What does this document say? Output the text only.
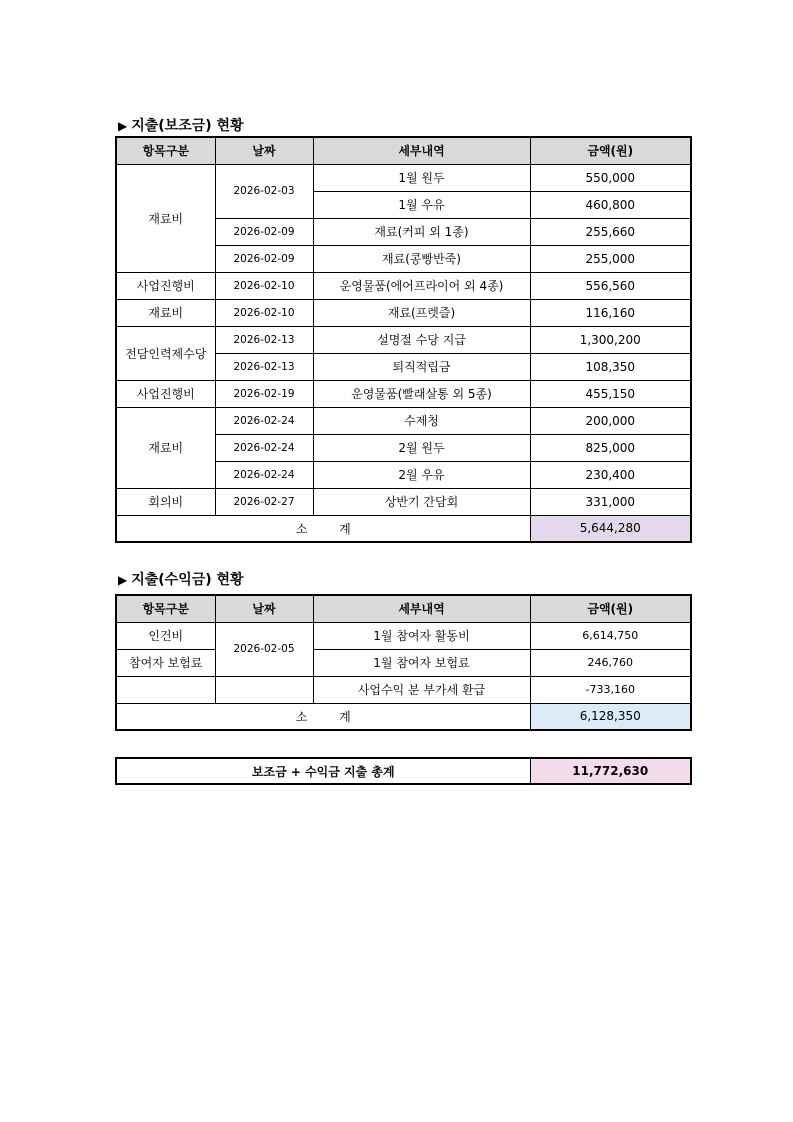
▶ 지출(보조금) 현황
항목구분	날짜	세부내역	금액(원)
재료비	2026-02-03	1월 원두	550,000
		1월 우유	460,800
	2026-02-09	재료(커피 외 1종)	255,660
	2026-02-09	재료(콩빵반죽)	255,000
사업진행비	2026-02-10	운영물품(에어프라이어 외 4종)	556,560
재료비	2026-02-10	재료(프렛즐)	116,160
전담인력제수당	2026-02-13	설명절 수당 지급	1,300,200
	2026-02-13	퇴직적립금	108,350
사업진행비	2026-02-19	운영물품(빨래살통 외 5종)	455,150
재료비	2026-02-24	수제청	200,000
	2026-02-24	2월 원두	825,000
	2026-02-24	2월 우유	230,400
회의비	2026-02-27	상반기 간담회	331,000
소 계			5,644,280
▶ 지출(수익금) 현황
항목구분	날짜	세부내역	금액(원)
인건비	2026-02-05	1월 참여자 활동비	6,614,750
참여자 보험료		1월 참여자 보험료	246,760
		사업수익 분 부가세 환급	-733,160
소 계			6,128,350
보조금 + 수익금 지출 총계	11,772,630
